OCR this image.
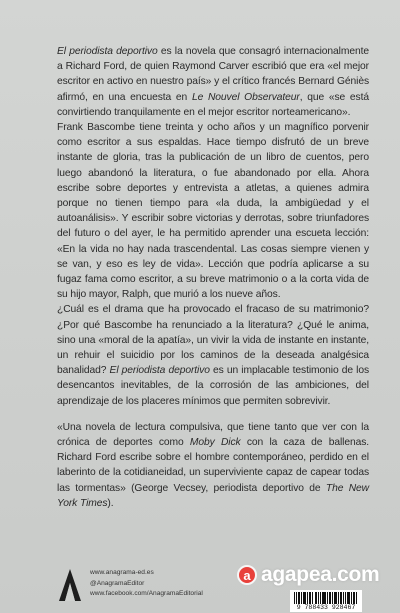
El periodista deportivo es la novela que consagró internacionalmente a Richard Ford, de quien Raymond Carver escribió que era «el mejor escritor en activo en nuestro país» y el crítico francés Bernard Géniès afirmó, en una encuesta en Le Nouvel Observateur, que «se está convirtiendo tranquilamente en el mejor escritor norteamericano».

Frank Bascombe tiene treinta y ocho años y un magnífico porvenir como escritor a sus espaldas. Hace tiempo disfrutó de un breve instante de gloria, tras la publicación de un libro de cuentos, pero luego abandonó la literatura, o fue abandonado por ella. Ahora escribe sobre deportes y entrevista a atletas, a quienes admira porque no tienen tiempo para «la duda, la ambigüedad y el autoanálisis». Y escribir sobre victorias y derrotas, sobre triunfadores del futuro o del ayer, le ha permitido aprender una escueta lección: «En la vida no hay nada trascendental. Las cosas siempre vienen y se van, y eso es ley de vida». Lección que podría aplicarse a su fugaz fama como escritor, a su breve matrimonio o a la corta vida de su hijo mayor, Ralph, que murió a los nueve años.

¿Cuál es el drama que ha provocado el fracaso de su matrimonio? ¿Por qué Bascombe ha renunciado a la literatura? ¿Qué le anima, sino una «moral de la apatía», un vivir la vida de instante en instante, un rehuir el suicidio por los caminos de la deseada analgésica banalidad? El periodista deportivo es un implacable testimonio de los desencantos inevitables, de la corrosión de las ambiciones, del aprendizaje de los placeres mínimos que permiten sobrevivir.

«Una novela de lectura compulsiva, que tiene tanto que ver con la crónica de deportes como Moby Dick con la caza de ballenas. Richard Ford escribe sobre el hombre contemporáneo, perdido en el laberinto de la cotidianeidad, un superviviente capaz de capear todas las tormentas» (George Vecsey, periodista deportivo de The New York Times).

www.anagrama-ed.es
@AnagramaEditor
www.facebook.com/AnagramaEditorial
a agapea.com
9 788433 928467
